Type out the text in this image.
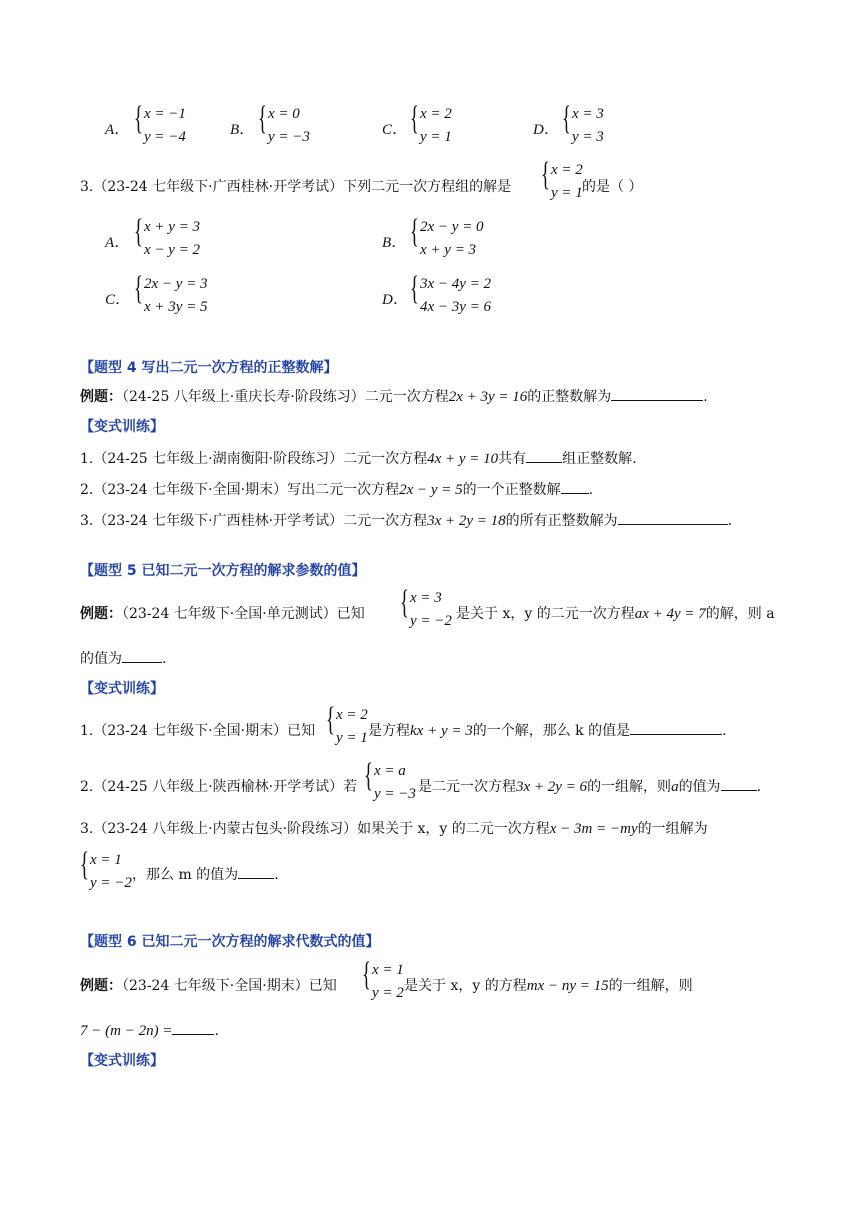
A． { x = −1
y = −4	B． { x = 0
y = −3	C． { x = 2
y = 1	D． { x = 3
y = 3
3.（23-24 七年级下·广西桂林·开学考试）下列二元一次方程组的解是 { x = 2
y = 1 的是（ ）
A． { x + y = 3
x − y = 2	B． { 2x − y = 0
x + y = 3
C． { 2x − y = 3
x + 3y = 5	D． { 3x − 4y = 2
4x − 3y = 6
【题型 4 写出二元一次方程的正整数解】
例题：（24-25 八年级上·重庆长寿·阶段练习）二元一次方程2x + 3y = 16的正整数解为	.
【变式训练】
1.（24-25 七年级上·湖南衡阳·阶段练习）二元一次方程4x + y = 10共有	组正整数解.
2.（23-24 七年级下·全国·期末）写出二元一次方程2x − y = 5的一个正整数解 .
3.（23-24 七年级下·广西桂林·开学考试）二元一次方程3x + 2y = 18的所有正整数解为	.
【题型 5 已知二元一次方程的解求参数的值】
例题：（23-24 七年级下·全国·单元测试）已知 { x = 3
y = −2 是关于 x，y 的二元一次方程ax + 4y = 7的解，则 a
的值为	.
【变式训练】
1.（23-24 七年级下·全国·期末）已知 { x = 2
y = 1 是方程kx + y = 3的一个解，那么 k 的值是	.
2.（24-25 八年级上·陕西榆林·开学考试）若 { x = a
y = −3 是二元一次方程3x + 2y = 6的一组解，则a的值为	.
3.（23-24 八年级上·内蒙古包头·阶段练习）如果关于 x，y 的二元一次方程x − 3m = −my的一组解为
{ x = 1
y = −2 ，那么 m 的值为	.
【题型 6 已知二元一次方程的解求代数式的值】
例题：（23-24 七年级下·全国·期末）已知 { x = 1
y = 2 是关于 x，y 的方程mx − ny = 15的一组解，则
7 − (m − 2n) =	.
【变式训练】
